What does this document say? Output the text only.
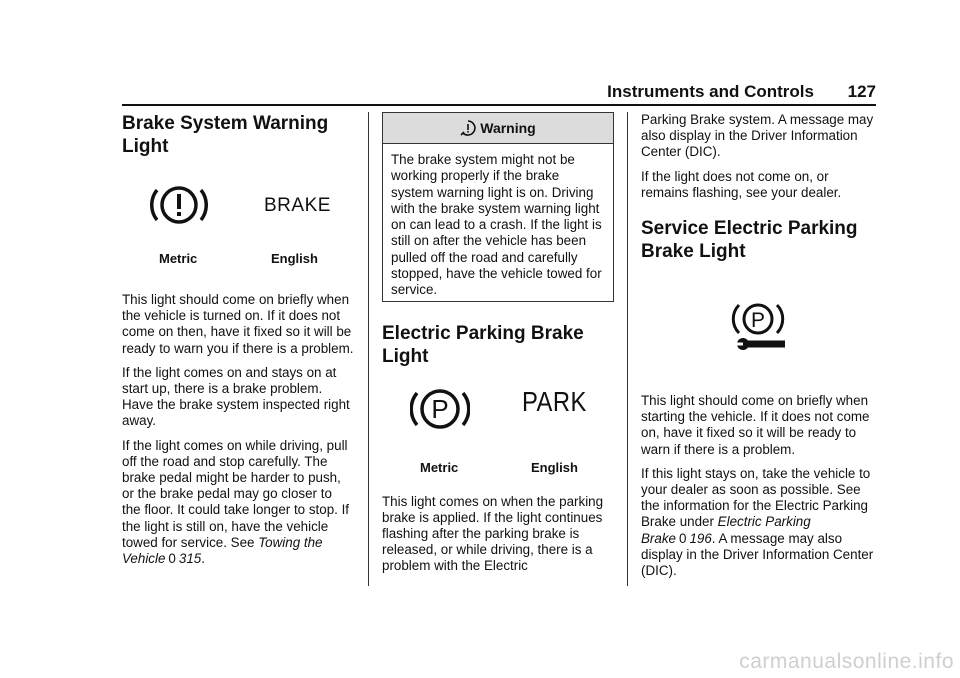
Instruments and Controls 127
Brake System Warning
Light
BRAKE
Metric	English

This light should come on briefly when the vehicle is turned on. If it does not come on then, have it fixed so it will be ready to warn you if there is a problem.

If the light comes on and stays on at start up, there is a brake problem. Have the brake system inspected right away.

If the light comes on while driving, pull off the road and stop carefully. The brake pedal might be harder to push, or the brake pedal may go closer to the floor. It could take longer to stop. If the light is still on, have the vehicle towed for service. See Towing the Vehicle 0 315.

Warning
The brake system might not be working properly if the brake system warning light is on. Driving with the brake system warning light on can lead to a crash. If the light is still on after the vehicle has been pulled off the road and carefully stopped, have the vehicle towed for service.
Electric Parking Brake
Light
P	PARK
Metric	English

This light comes on when the parking brake is applied. If the light continues flashing after the parking brake is released, or while driving, there is a problem with the Electric

Parking Brake system. A message may also display in the Driver Information Center (DIC).

If the light does not come on, or remains flashing, see your dealer.

Service Electric Parking
Brake Light
P

This light should come on briefly when starting the vehicle. If it does not come on, have it fixed so it will be ready to warn if there is a problem.

If this light stays on, take the vehicle to your dealer as soon as possible. See the information for the Electric Parking Brake under Electric Parking Brake 0 196. A message may also display in the Driver Information Center (DIC).

carmanualsonline.info
